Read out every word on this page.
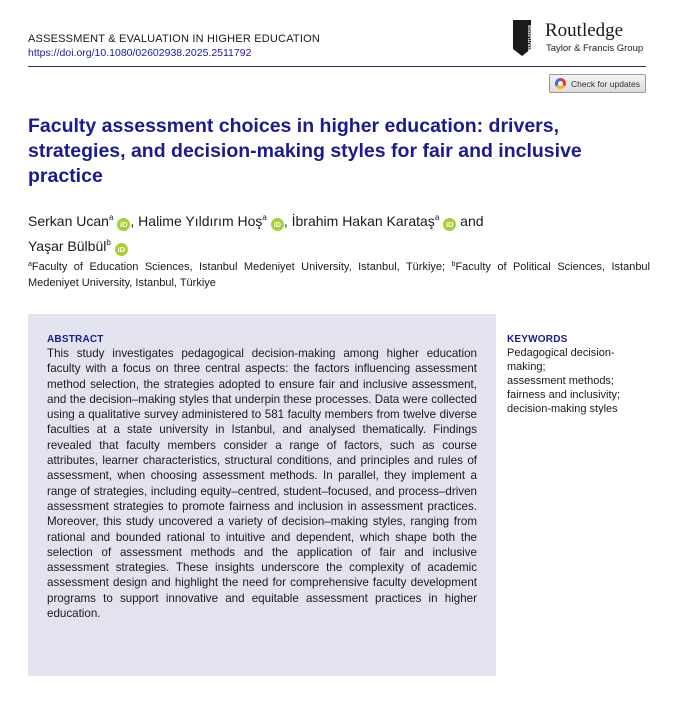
ASSESSMENT & EVALUATION IN HIGHER EDUCATION
https://doi.org/10.1080/02602938.2025.2511792
ROUTLEDGE Routledge
Taylor & Francis Group
Check for updates
Faculty assessment choices in higher education: drivers, strategies, and decision-making styles for fair and inclusive practice
Serkan Ucan$^a$iD , Halime Yıldırım Hoş$^a$iD , İbrahim Hakan Karataş$^a$iD and
Yaşar Bülbül$^b$iD
$^a$Faculty of Education Sciences, Istanbul Medeniyet University, Istanbul, Türkiye; $^b$Faculty of Political Sciences, Istanbul Medeniyet University, Istanbul, Türkiye
ABSTRACT

This study investigates pedagogical decision-making among higher education faculty with a focus on three central aspects: the factors influencing assessment method selection, the strategies adopted to ensure fair and inclusive assessment, and the decision–making styles that underpin these processes. Data were collected using a qualitative survey administered to 581 faculty members from twelve diverse faculties at a state university in Istanbul, and analysed thematically. Findings revealed that faculty members consider a range of factors, such as course attributes, learner characteristics, structural conditions, and principles and rules of assessment, when choosing assessment methods. In parallel, they implement a range of strategies, including equity–centred, student–focused, and process–driven assessment strategies to promote fairness and inclusion in assessment practices. Moreover, this study uncovered a variety of decision–making styles, ranging from rational and bounded rational to intuitive and dependent, which shape both the selection of assessment methods and the application of fair and inclusive assessment strategies. These insights underscore the complexity of academic assessment design and highlight the need for comprehensive faculty development programs to support innovative and equitable assessment practices in higher education.

KEYWORDS
Pedagogical decision-making;
assessment methods;
fairness and inclusivity;
decision-making styles
